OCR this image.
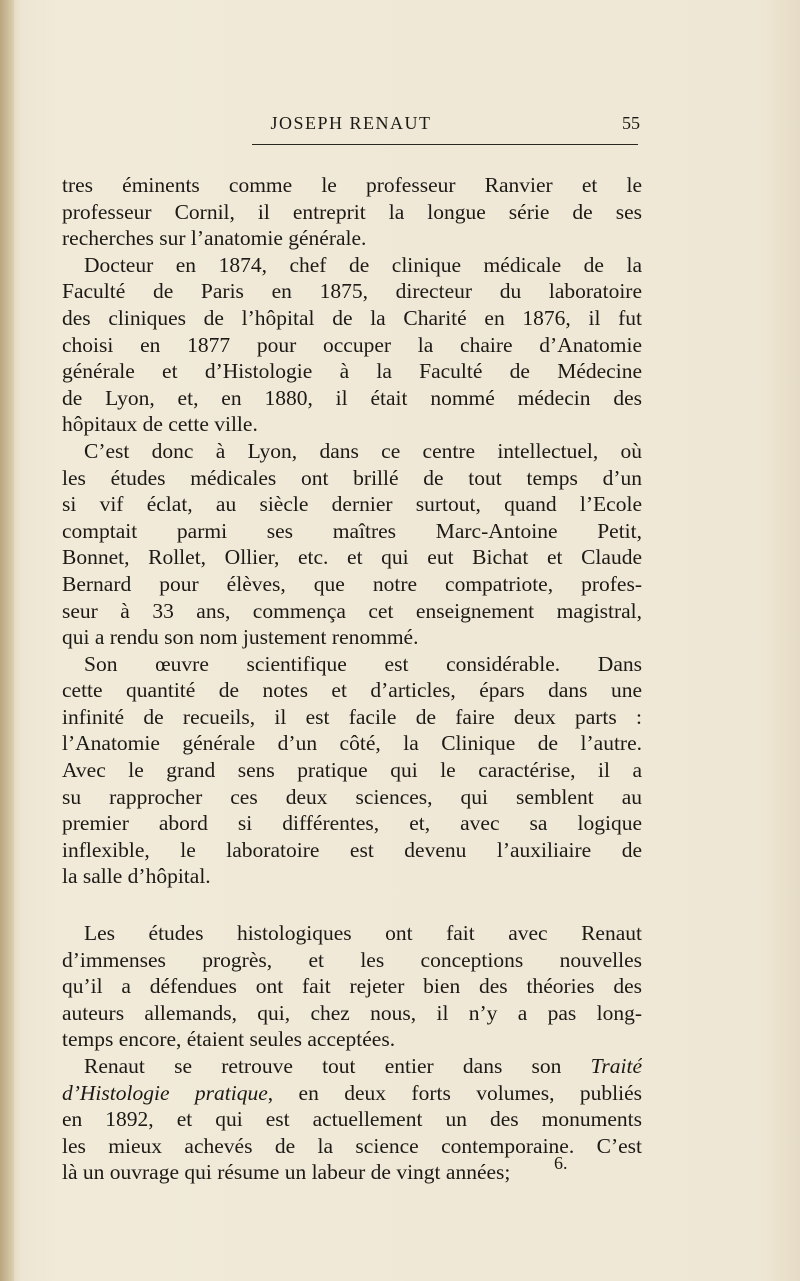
JOSEPH RENAUT	55
tres éminents comme le professeur Ranvier et le
professeur Cornil, il entreprit la longue série de ses
recherches sur l’anatomie générale.
Docteur en 1874, chef de clinique médicale de la
Faculté de Paris en 1875, directeur du laboratoire
des cliniques de l’hôpital de la Charité en 1876, il fut
choisi en 1877 pour occuper la chaire d’Anatomie
générale et d’Histologie à la Faculté de Médecine
de Lyon, et, en 1880, il était nommé médecin des
hôpitaux de cette ville.
C’est donc à Lyon, dans ce centre intellectuel, où
les études médicales ont brillé de tout temps d’un
si vif éclat, au siècle dernier surtout, quand l’Ecole
comptait parmi ses maîtres Marc-Antoine Petit,
Bonnet, Rollet, Ollier, etc. et qui eut Bichat et Claude
Bernard pour élèves, que notre compatriote, profes-
seur à 33 ans, commença cet enseignement magistral,
qui a rendu son nom justement renommé.
Son œuvre scientifique est considérable. Dans
cette quantité de notes et d’articles, épars dans une
infinité de recueils, il est facile de faire deux parts :
l’Anatomie générale d’un côté, la Clinique de l’autre.
Avec le grand sens pratique qui le caractérise, il a
su rapprocher ces deux sciences, qui semblent au
premier abord si différentes, et, avec sa logique
inflexible, le laboratoire est devenu l’auxiliaire de
la salle d’hôpital.
Les études histologiques ont fait avec Renaut
d’immenses progrès, et les conceptions nouvelles
qu’il a défendues ont fait rejeter bien des théories des
auteurs allemands, qui, chez nous, il n’y a pas long-
temps encore, étaient seules acceptées.
Renaut se retrouve tout entier dans son Traité
d’Histologie pratique, en deux forts volumes, publiés
en 1892, et qui est actuellement un des monuments
les mieux achevés de la science contemporaine. C’est
là un ouvrage qui résume un labeur de vingt années;	6.
